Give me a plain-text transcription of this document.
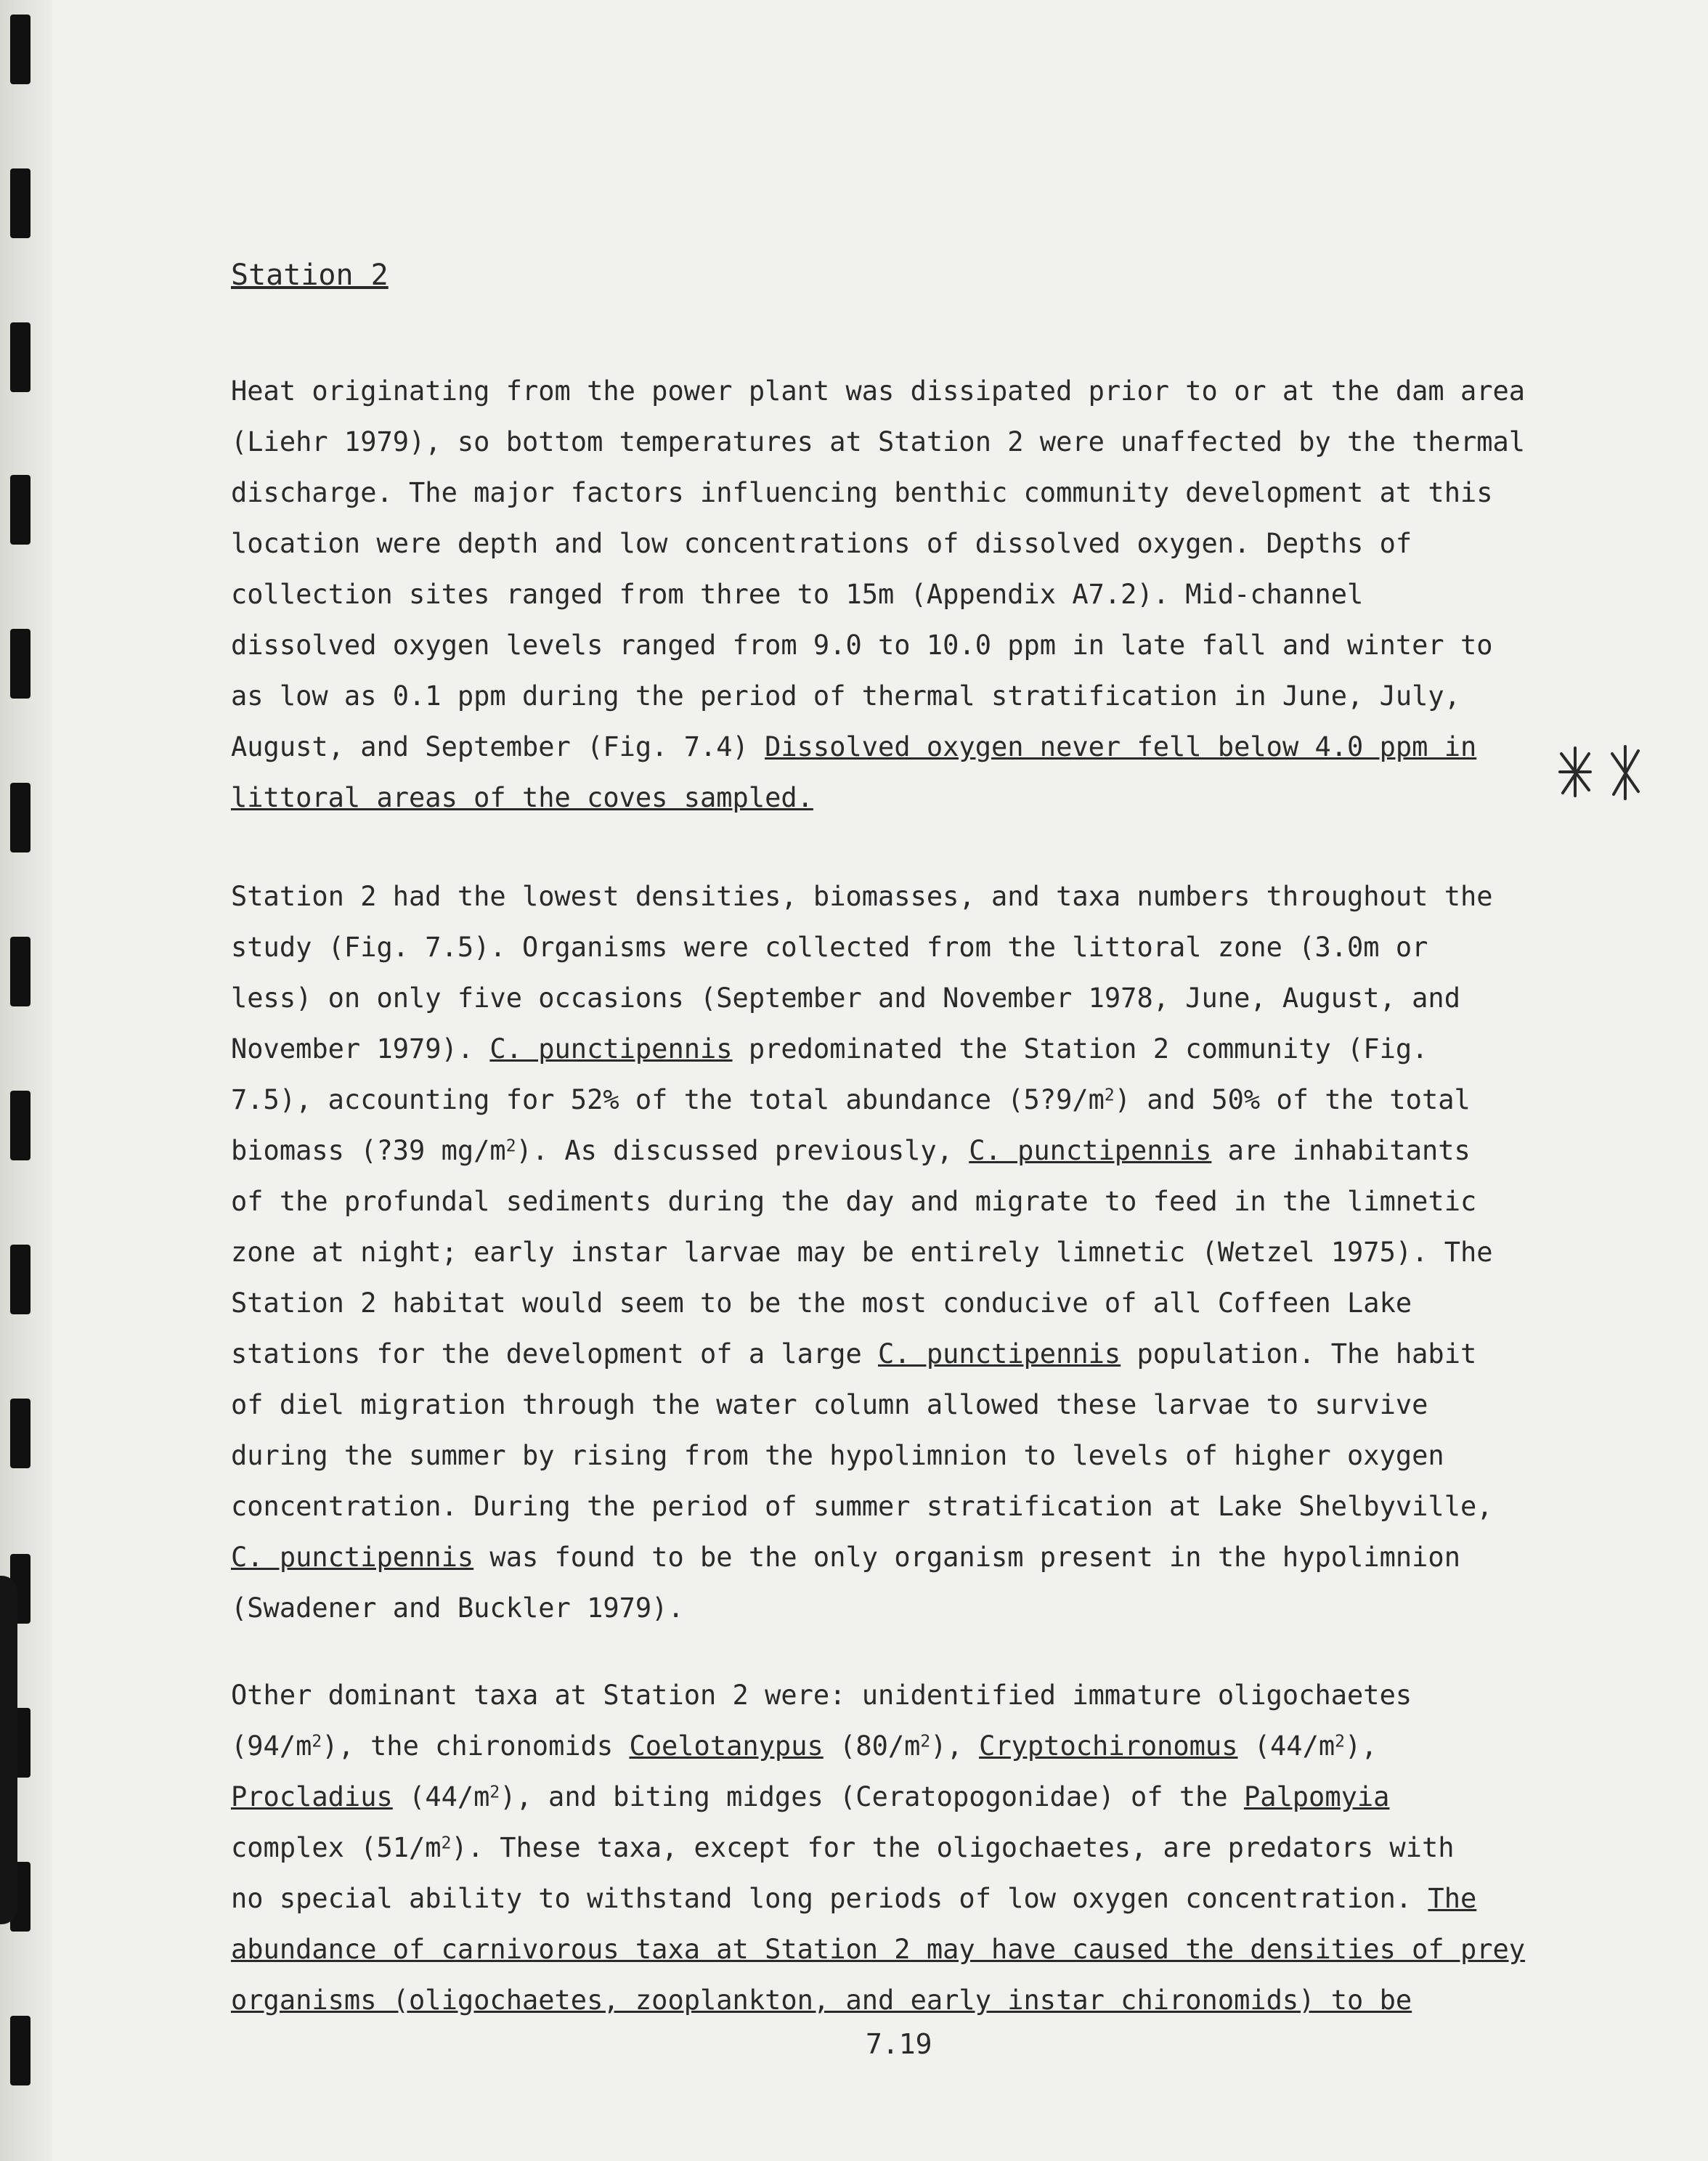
Station 2
Heat originating from the power plant was dissipated prior to or at the dam area
(Liehr 1979), so bottom temperatures at Station 2 were unaffected by the thermal
discharge. The major factors influencing benthic community development at this
location were depth and low concentrations of dissolved oxygen. Depths of
collection sites ranged from three to 15m (Appendix A7.2). Mid-channel
dissolved oxygen levels ranged from 9.0 to 10.0 ppm in late fall and winter to
as low as 0.1 ppm during the period of thermal stratification in June, July,
August, and September (Fig. 7.4) Dissolved oxygen never fell below 4.0 ppm in
littoral areas of the coves sampled.
Station 2 had the lowest densities, biomasses, and taxa numbers throughout the
study (Fig. 7.5). Organisms were collected from the littoral zone (3.0m or
less) on only five occasions (September and November 1978, June, August, and
November 1979). C. punctipennis predominated the Station 2 community (Fig.
7.5), accounting for 52% of the total abundance $(5?9/m^2)$ and 50% of the total
biomass (?39 $mg/m^2$). As discussed previously, C. punctipennis are inhabitants
of the profundal sediments during the day and migrate to feed in the limnetic
zone at night; early instar larvae may be entirely limnetic (Wetzel 1975). The
Station 2 habitat would seem to be the most conducive of all Coffeen Lake
stations for the development of a large C. punctipennis population. The habit
of diel migration through the water column allowed these larvae to survive
during the summer by rising from the hypolimnion to levels of higher oxygen
concentration. During the period of summer stratification at Lake Shelbyville,
C. punctipennis was found to be the only organism present in the hypolimnion
(Swadener and Buckler 1979).
Other dominant taxa at Station 2 were: unidentified immature oligochaetes
$(94/m^2)$, the chironomids Coelotanypus $(80/m^2)$, Cryptochironomus $(44/m^2)$,
Procladius $(44/m^2)$, and biting midges (Ceratopogonidae) of the Palpomyia
complex $(51/m^2)$. These taxa, except for the oligochaetes, are predators with
no special ability to withstand long periods of low oxygen concentration. The
abundance of carnivorous taxa at Station 2 may have caused the densities of prey
organisms (oligochaetes, zooplankton, and early instar chironomids) to be

7.19
